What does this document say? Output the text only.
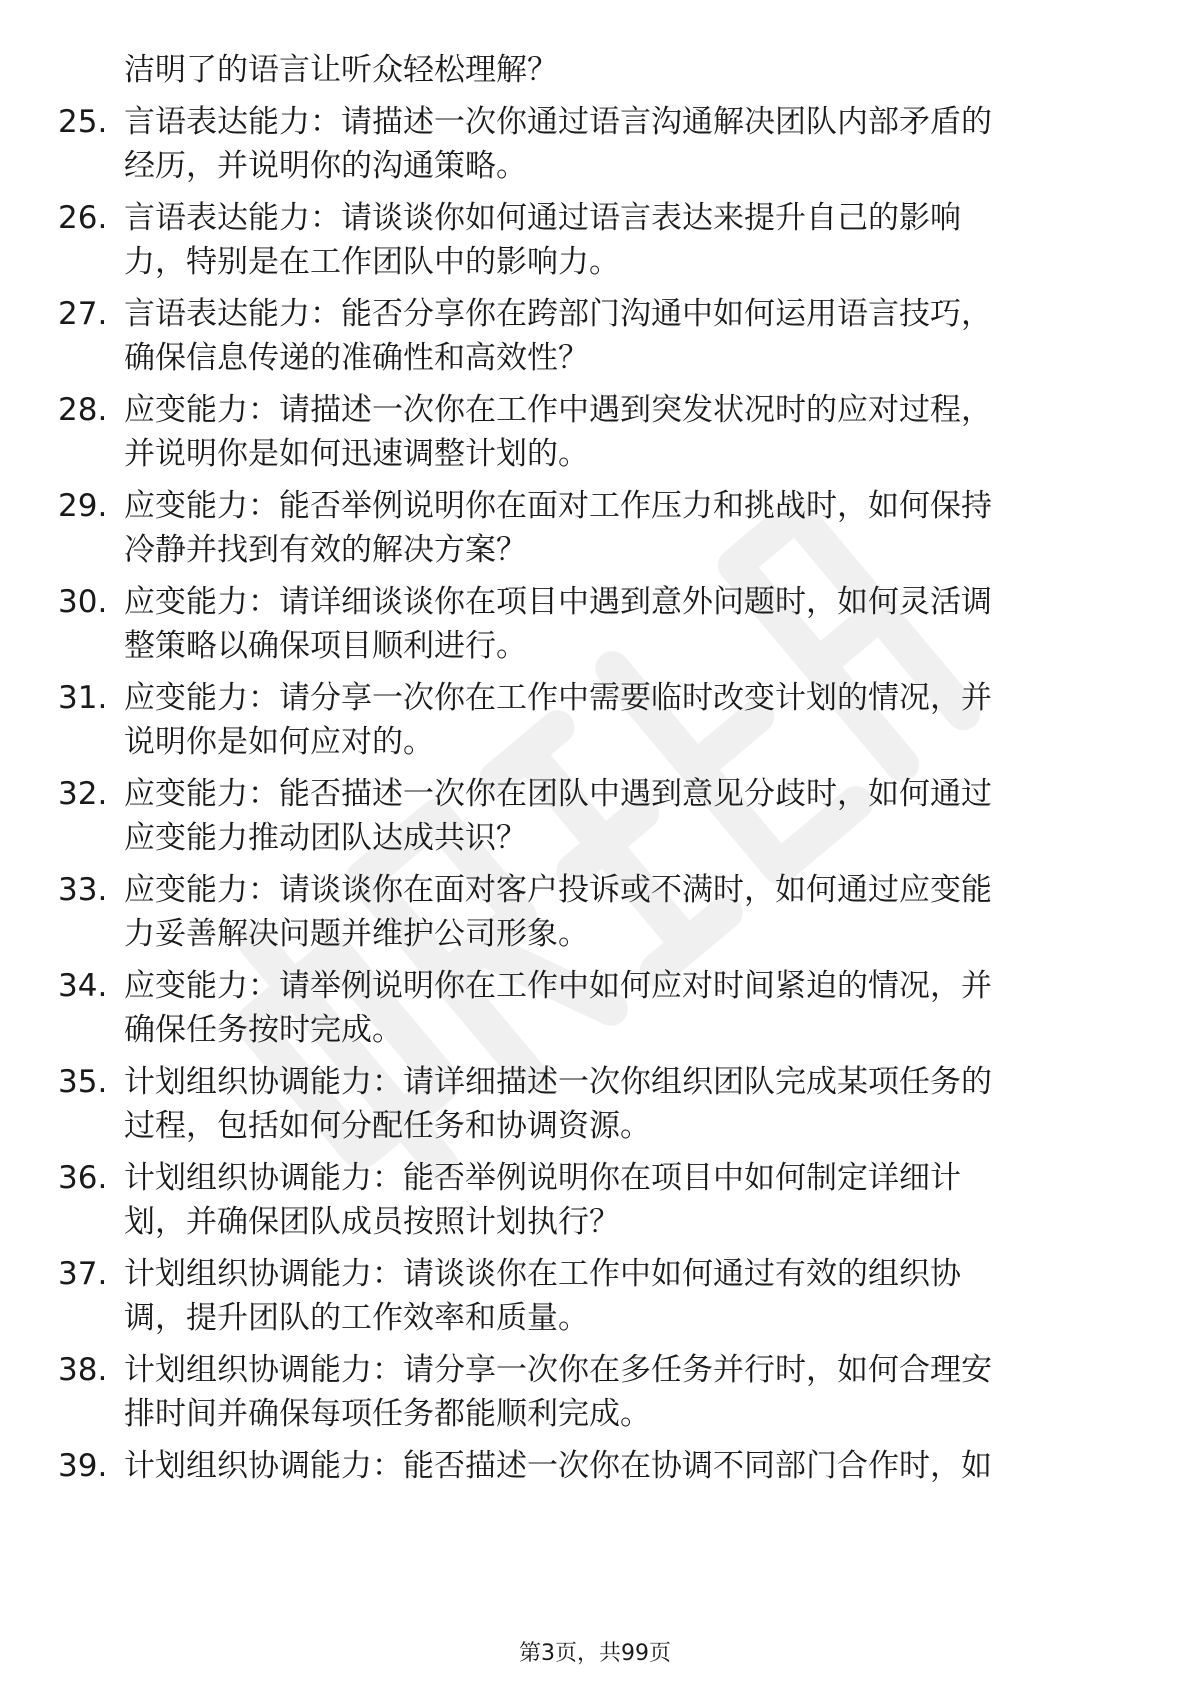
洁明了的语言让听众轻松理解？
25. 言语表达能力：请描述一次你通过语言沟通解决团队内部矛盾的
经历，并说明你的沟通策略。
26. 言语表达能力：请谈谈你如何通过语言表达来提升自己的影响
力，特别是在工作团队中的影响力。
27. 言语表达能力：能否分享你在跨部门沟通中如何运用语言技巧，
确保信息传递的准确性和高效性？
28. 应变能力：请描述一次你在工作中遇到突发状况时的应对过程，
并说明你是如何迅速调整计划的。
29. 应变能力：能否举例说明你在面对工作压力和挑战时，如何保持
冷静并找到有效的解决方案？
30. 应变能力：请详细谈谈你在项目中遇到意外问题时，如何灵活调
整策略以确保项目顺利进行。
31. 应变能力：请分享一次你在工作中需要临时改变计划的情况，并
说明你是如何应对的。
32. 应变能力：能否描述一次你在团队中遇到意见分歧时，如何通过
应变能力推动团队达成共识？
33. 应变能力：请谈谈你在面对客户投诉或不满时，如何通过应变能
力妥善解决问题并维护公司形象。
34. 应变能力：请举例说明你在工作中如何应对时间紧迫的情况，并
确保任务按时完成。
35. 计划组织协调能力：请详细描述一次你组织团队完成某项任务的
过程，包括如何分配任务和协调资源。
36. 计划组织协调能力：能否举例说明你在项目中如何制定详细计
划，并确保团队成员按照计划执行？
37. 计划组织协调能力：请谈谈你在工作中如何通过有效的组织协
调，提升团队的工作效率和质量。
38. 计划组织协调能力：请分享一次你在多任务并行时，如何合理安
排时间并确保每项任务都能顺利完成。
39. 计划组织协调能力：能否描述一次你在协调不同部门合作时，如
第3页，共99页
